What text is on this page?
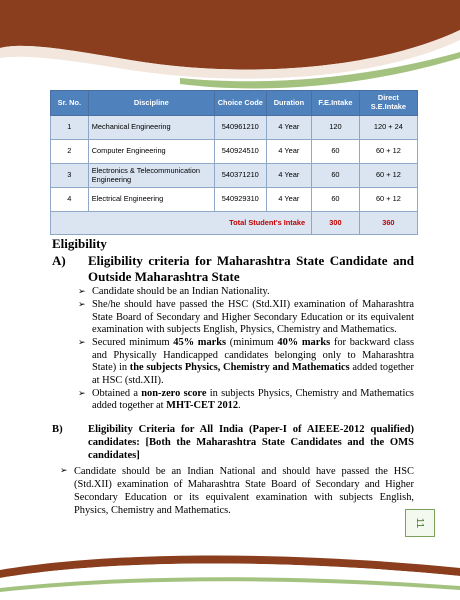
Sr. No.	Discipline	Choice Code	Duration	F.E.Intake	Direct S.E.Intake
1	Mechanical Engineering	540961210	4 Year	120	120 + 24
2	Computer Engineering	540924510	4 Year	60	60 + 12
3	Electronics & Telecommunication Engineering	540371210	4 Year	60	60 + 12
4	Electrical Engineering	540929310	4 Year	60	60 + 12
Total Student's Intake				300	360

Eligibility

A)	Eligibility criteria for Maharashtra State Candidate and Outside Maharashtra State
➢ Candidate should be an Indian Nationality.
➢ She/he should have passed the HSC (Std.XII) examination of Maharashtra State Board of Secondary and Higher Secondary Education or its equivalent examination with subjects English, Physics, Chemistry and Mathematics.
➢ Secured minimum 45% marks (minimum 40% marks for backward class and Physically Handicapped candidates belonging only to Maharashtra State) in the subjects Physics, Chemistry and Mathematics added together at HSC (std.XII).
➢ Obtained a non-zero score in subjects Physics, Chemistry and Mathematics added together at MHT-CET 2012.
B)	Eligibility Criteria for All India (Paper-I of AIEEE-2012 qualified) candidates: [Both the Maharashtra State Candidates and the OMS candidates]
➢ Candidate should be an Indian National and should have passed the HSC (Std.XII) examination of Maharashtra State Board of Secondary and Higher Secondary Education or its equivalent examination with subjects English, Physics, Chemistry and Mathematics.
11
